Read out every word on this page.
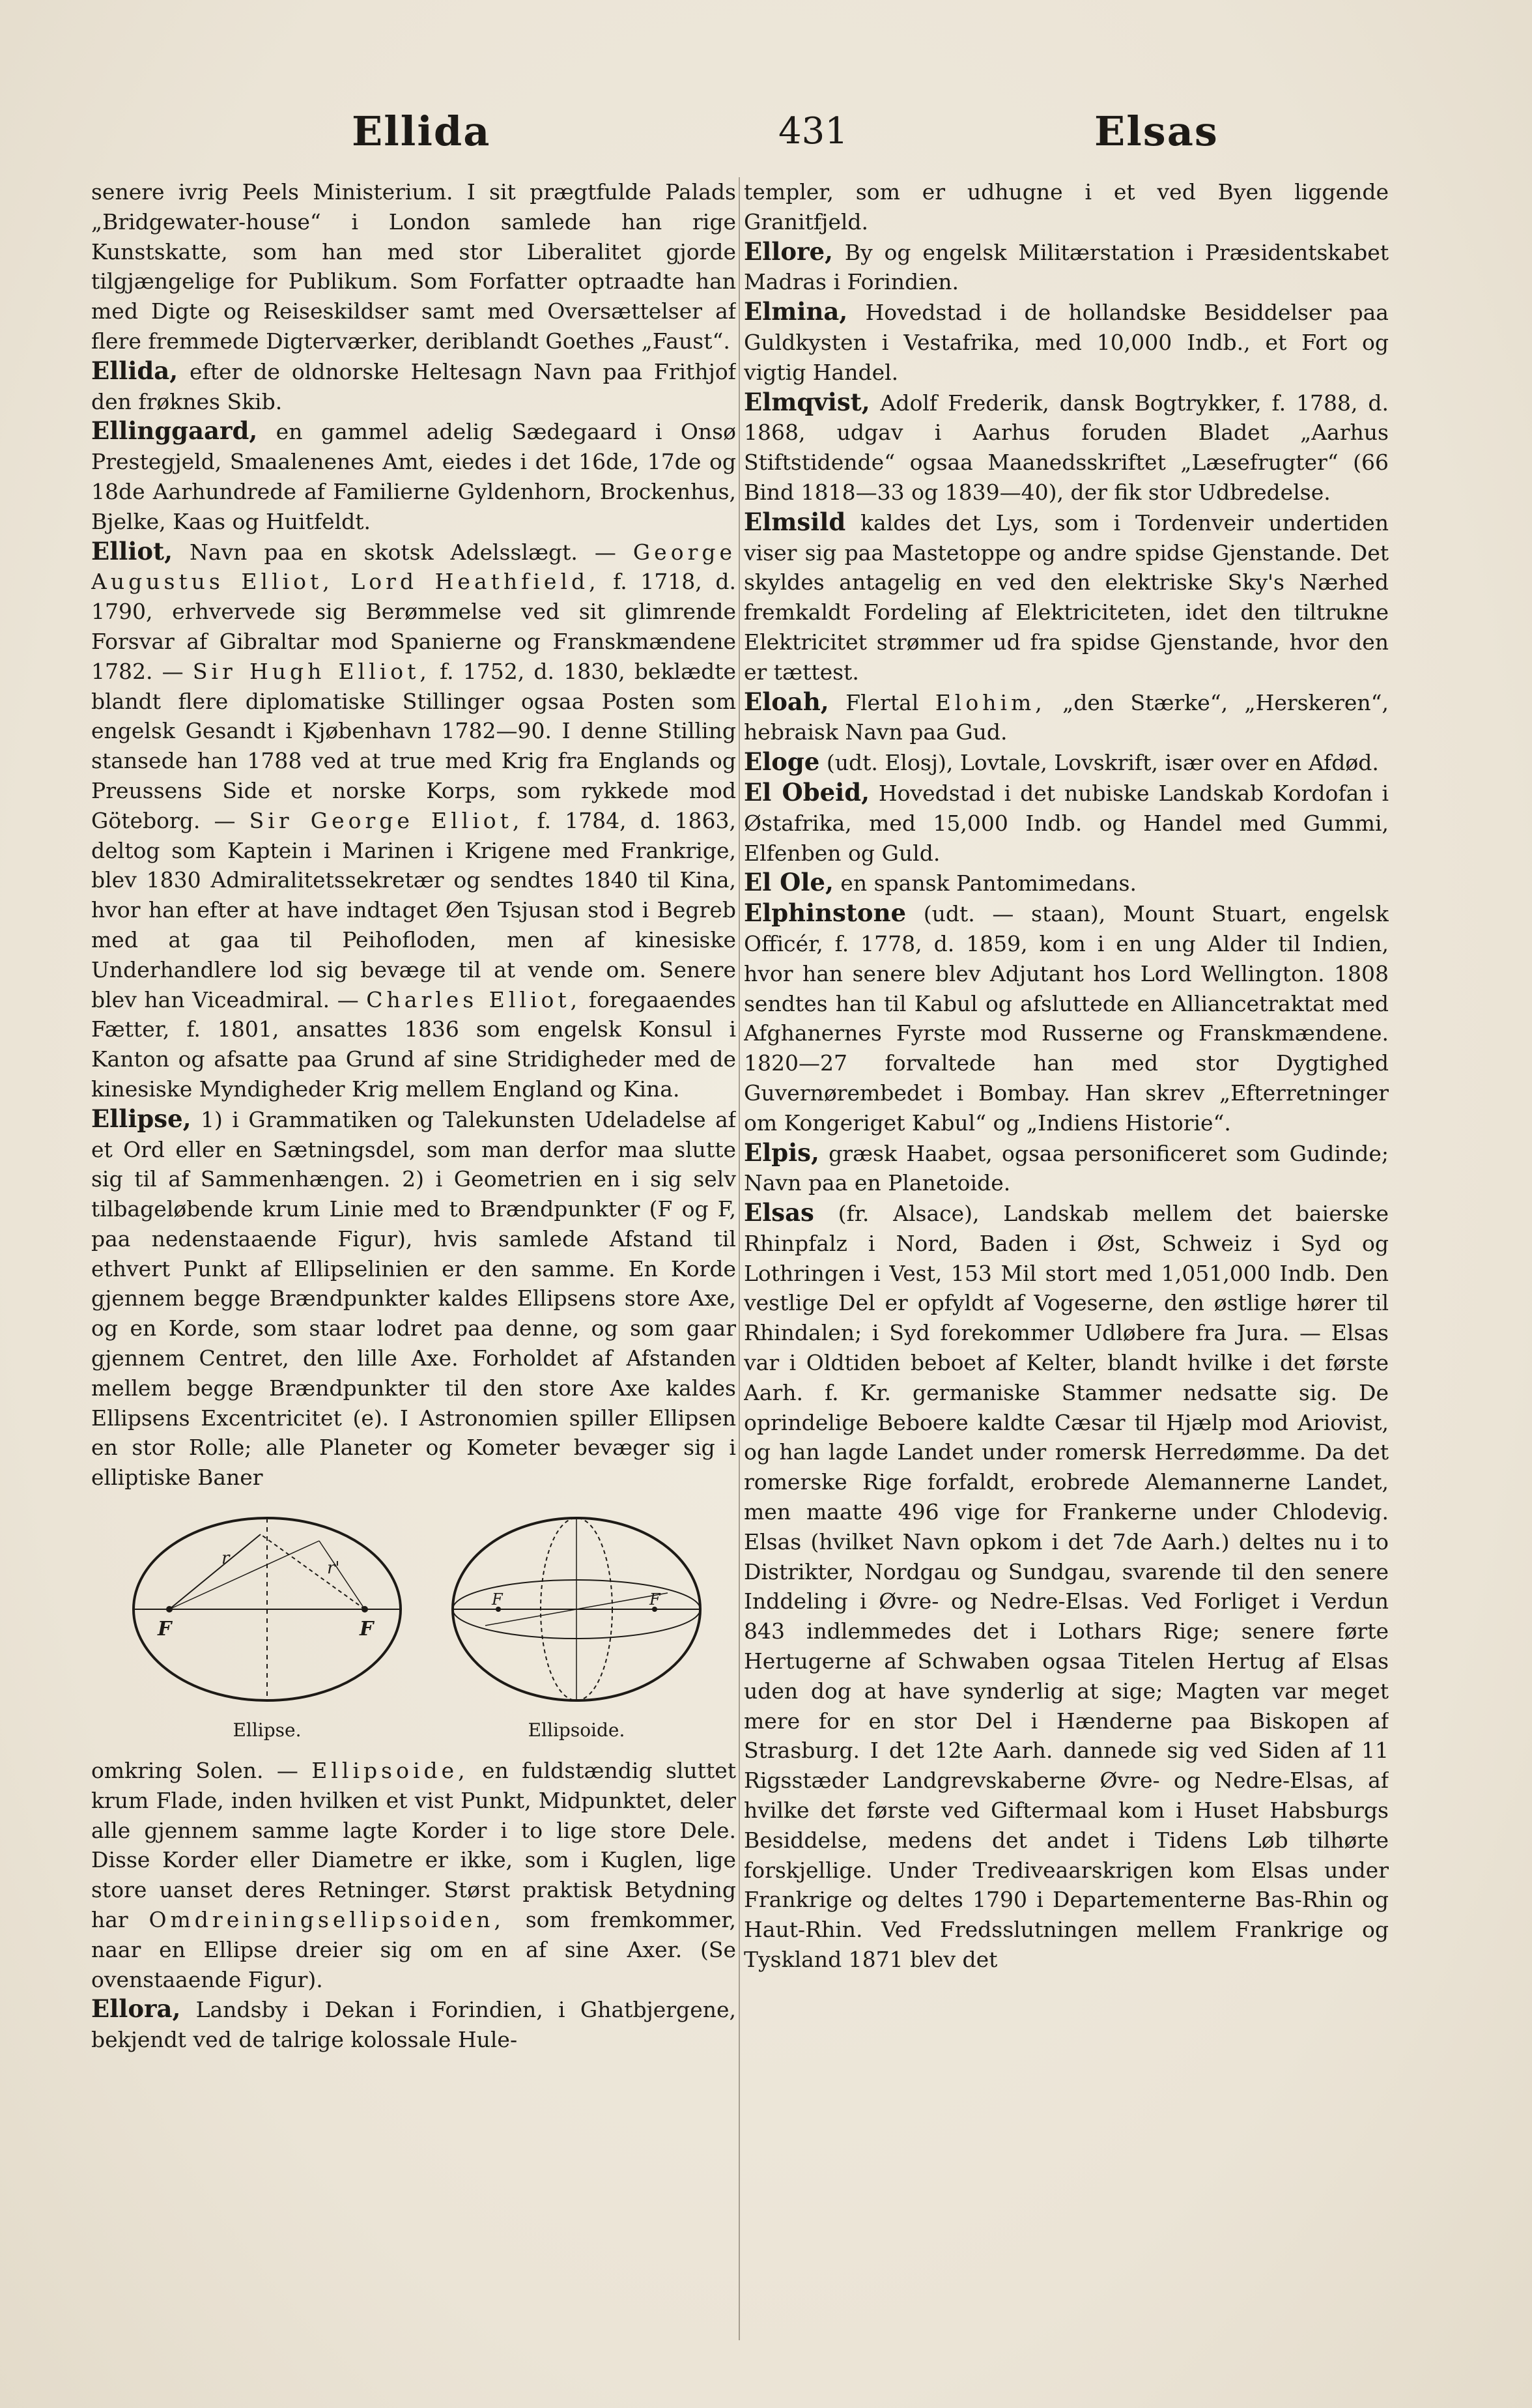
Ellida	431	Elsas

senere ivrig Peels Ministerium. I sit prægtfulde Palads „Bridgewater-house“ i London samlede han rige Kunstskatte, som han med stor Liberalitet gjorde tilgjængelige for Publikum. Som Forfatter optraadte han med Digte og Reiseskildser samt med Oversættelser af flere fremmede Digterværker, deriblandt Goethes „Faust“.

Ellida, efter de oldnorske Heltesagn Navn paa Frithjof den frøknes Skib.

Ellinggaard, en gammel adelig Sædegaard i Onsø Prestegjeld, Smaalenenes Amt, eiedes i det 16de, 17de og 18de Aarhundrede af Familierne Gyldenhorn, Brockenhus, Bjelke, Kaas og Huitfeldt.

Elliot, Navn paa en skotsk Adelsslægt. — George Augustus Elliot, Lord Heathfield, f. 1718, d. 1790, erhvervede sig Berømmelse ved sit glimrende Forsvar af Gibraltar mod Spanierne og Franskmændene 1782. — Sir Hugh Elliot, f. 1752, d. 1830, beklædte blandt flere diplomatiske Stillinger ogsaa Posten som engelsk Gesandt i Kjøbenhavn 1782—90. I denne Stilling stansede han 1788 ved at true med Krig fra Englands og Preussens Side et norske Korps, som rykkede mod Göteborg. — Sir George Elliot, f. 1784, d. 1863, deltog som Kaptein i Marinen i Krigene med Frankrige, blev 1830 Admiralitetssekretær og sendtes 1840 til Kina, hvor han efter at have indtaget Øen Tsjusan stod i Begreb med at gaa til Peihofloden, men af kinesiske Underhandlere lod sig bevæge til at vende om. Senere blev han Viceadmiral. — Charles Elliot, foregaaendes Fætter, f. 1801, ansattes 1836 som engelsk Konsul i Kanton og afsatte paa Grund af sine Stridigheder med de kinesiske Myndigheder Krig mellem England og Kina.

Ellipse, 1) i Grammatiken og Talekunsten Udeladelse af et Ord eller en Sætningsdel, som man derfor maa slutte sig til af Sammenhængen. 2) i Geometrien en i sig selv tilbageløbende krum Linie med to Brændpunkter (F og F, paa nedenstaaende Figur), hvis samlede Afstand til ethvert Punkt af Ellipselinien er den samme. En Korde gjennem begge Brændpunkter kaldes Ellipsens store Axe, og en Korde, som staar lodret paa denne, og som gaar gjennem Centret, den lille Axe. Forholdet af Afstanden mellem begge Brændpunkter til den store Axe kaldes Ellipsens Excentricitet (e). I Astronomien spiller Ellipsen en stor Rolle; alle Planeter og Kometer bevæger sig i elliptiske Baner

F	F
r	r'
Ellipse.
F	F
Ellipsoide.

omkring Solen. — Ellipsoide, en fuldstændig sluttet krum Flade, inden hvilken et vist Punkt, Midpunktet, deler alle gjennem samme lagte Korder i to lige store Dele. Disse Korder eller Diametre er ikke, som i Kuglen, lige store uanset deres Retninger. Størst praktisk Betydning har Omdreiningsellipsoiden, som fremkommer, naar en Ellipse dreier sig om en af sine Axer. (Se ovenstaaende Figur).

Ellora, Landsby i Dekan i Forindien, i Ghatbjergene, bekjendt ved de talrige kolossale Hule-

templer, som er udhugne i et ved Byen liggende Granitfjeld.

Ellore, By og engelsk Militærstation i Præsidentskabet Madras i Forindien.

Elmina, Hovedstad i de hollandske Besiddelser paa Guldkysten i Vestafrika, med 10,000 Indb., et Fort og vigtig Handel.

Elmqvist, Adolf Frederik, dansk Bogtrykker, f. 1788, d. 1868, udgav i Aarhus foruden Bladet „Aarhus Stiftstidende“ ogsaa Maanedsskriftet „Læsefrugter“ (66 Bind 1818—33 og 1839—40), der fik stor Udbredelse.

Elmsild kaldes det Lys, som i Tordenveir undertiden viser sig paa Mastetoppe og andre spidse Gjenstande. Det skyldes antagelig en ved den elektriske Sky's Nærhed fremkaldt Fordeling af Elektriciteten, idet den tiltrukne Elektricitet strømmer ud fra spidse Gjenstande, hvor den er tættest.

Eloah, Flertal Elohim, „den Stærke“, „Herskeren“, hebraisk Navn paa Gud.

Eloge (udt. Elosj), Lovtale, Lovskrift, især over en Afdød.

El Obeid, Hovedstad i det nubiske Landskab Kordofan i Østafrika, med 15,000 Indb. og Handel med Gummi, Elfenben og Guld.

El Ole, en spansk Pantomimedans.

Elphinstone (udt. — staan), Mount Stuart, engelsk Officér, f. 1778, d. 1859, kom i en ung Alder til Indien, hvor han senere blev Adjutant hos Lord Wellington. 1808 sendtes han til Kabul og afsluttede en Alliancetraktat med Afghanernes Fyrste mod Russerne og Franskmændene. 1820—27 forvaltede han med stor Dygtighed Guvernørembedet i Bombay. Han skrev „Efterretninger om Kongeriget Kabul“ og „Indiens Historie“.

Elpis, græsk Haabet, ogsaa personificeret som Gudinde; Navn paa en Planetoide.

Elsas (fr. Alsace), Landskab mellem det baierske Rhinpfalz i Nord, Baden i Øst, Schweiz i Syd og Lothringen i Vest, 153 Mil stort med 1,051,000 Indb. Den vestlige Del er opfyldt af Vogeserne, den østlige hører til Rhindalen; i Syd forekommer Udløbere fra Jura. — Elsas var i Oldtiden beboet af Kelter, blandt hvilke i det første Aarh. f. Kr. germaniske Stammer nedsatte sig. De oprindelige Beboere kaldte Cæsar til Hjælp mod Ariovist, og han lagde Landet under romersk Herredømme. Da det romerske Rige forfaldt, erobrede Alemannerne Landet, men maatte 496 vige for Frankerne under Chlodevig. Elsas (hvilket Navn opkom i det 7de Aarh.) deltes nu i to Distrikter, Nordgau og Sundgau, svarende til den senere Inddeling i Øvre- og Nedre-Elsas. Ved Forliget i Verdun 843 indlemmedes det i Lothars Rige; senere førte Hertugerne af Schwaben ogsaa Titelen Hertug af Elsas uden dog at have synderlig at sige; Magten var meget mere for en stor Del i Hænderne paa Biskopen af Strasburg. I det 12te Aarh. dannede sig ved Siden af 11 Rigsstæder Landgrevskaberne Øvre- og Nedre-Elsas, af hvilke det første ved Giftermaal kom i Huset Habsburgs Besiddelse, medens det andet i Tidens Løb tilhørte forskjellige. Under Trediveaarskrigen kom Elsas under Frankrige og deltes 1790 i Departementerne Bas-Rhin og Haut-Rhin. Ved Fredsslutningen mellem Frankrige og Tyskland 1871 blev det
